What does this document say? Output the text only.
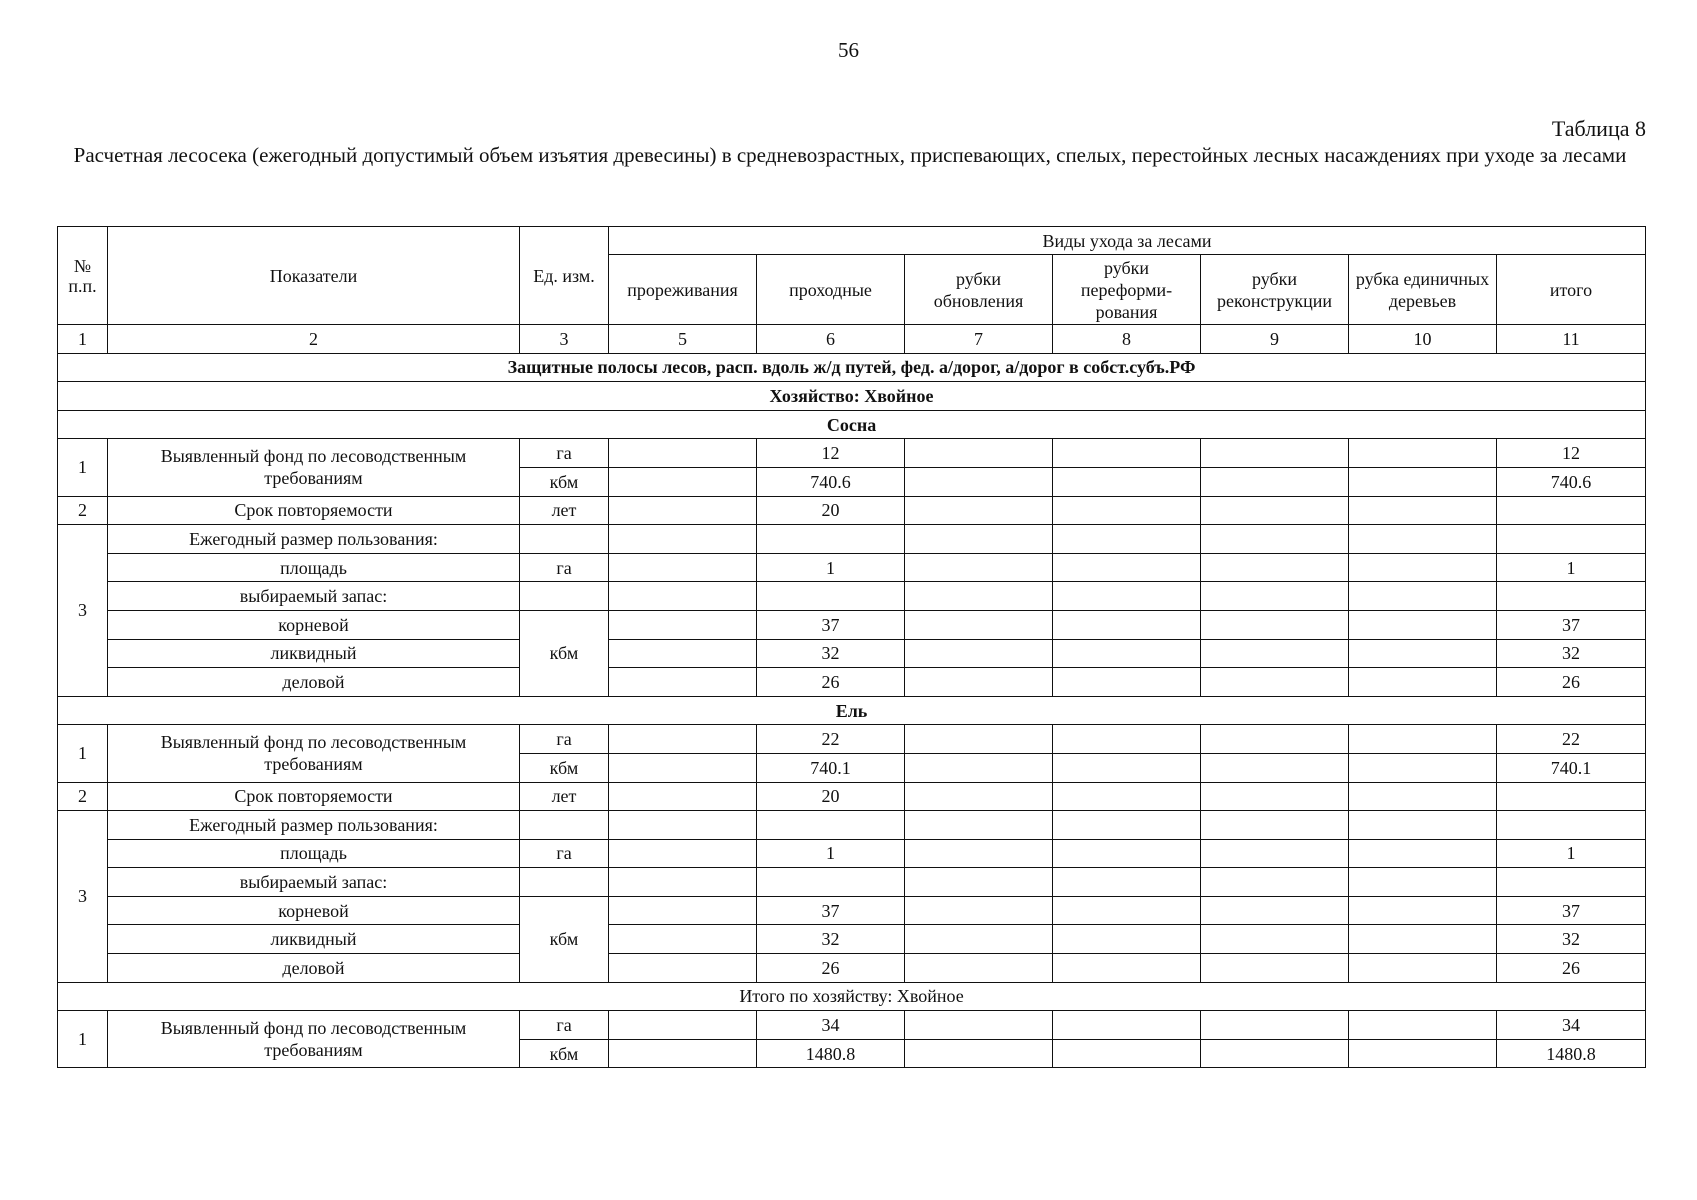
56
Таблица 8
Расчетная лесосека (ежегодный допустимый объем изъятия древесины) в средневозрастных, приспевающих, спелых, перестойных лесных насаждениях при уходе за лесами
№ п.п.	Показатели	Ед. изм.	Виды ухода за лесами						
			прореживания	проходные	рубки обновления	рубки переформи-рования	рубки реконструкции	рубка единичных деревьев	итого
1	2	3	5	6	7	8	9	10	11
Защитные полосы лесов, расп. вдоль ж/д путей, фед. а/дорог, а/дорог в собст.субъ.РФ									
Хозяйство: Хвойное									
Сосна									
1	Выявленный фонд по лесоводственным требованиям	га		12					12
		кбм		740.6					740.6
2	Срок повторяемости	лет		20					
3	Ежегодный размер пользования:								
	площадь	га		1					1
	выбираемый запас:								
	корневой	кбм		37					37
	ликвидный			32					32
	деловой			26					26
Ель									
1	Выявленный фонд по лесоводственным требованиям	га		22					22
		кбм		740.1					740.1
2	Срок повторяемости	лет		20					
3	Ежегодный размер пользования:								
	площадь	га		1					1
	выбираемый запас:								
	корневой	кбм		37					37
	ликвидный			32					32
	деловой			26					26
Итого по хозяйству: Хвойное									
1	Выявленный фонд по лесоводственным требованиям	га		34					34
		кбм		1480.8					1480.8
